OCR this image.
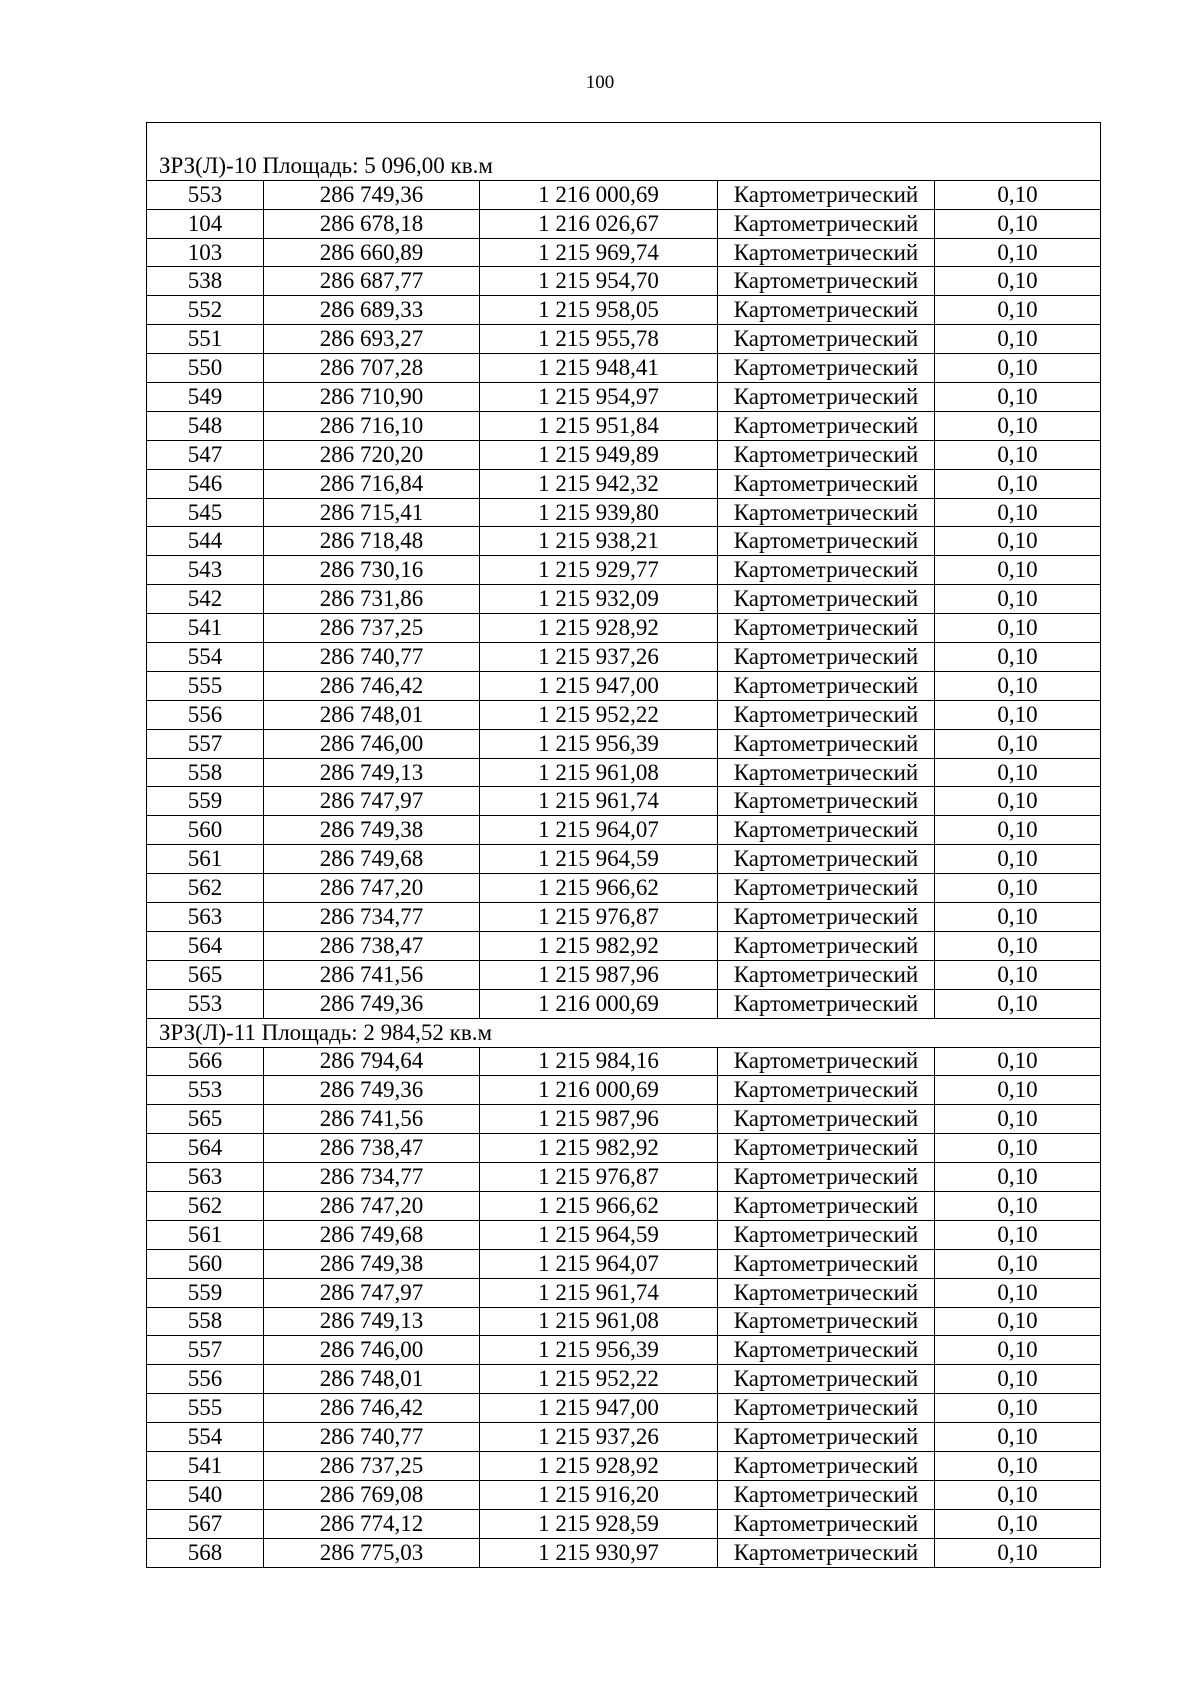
100

ЗРЗ(Л)-10 Площадь: 5 096,00 кв.м				
553	286 749,36	1 216 000,69	Картометрический	0,10
104	286 678,18	1 216 026,67	Картометрический	0,10
103	286 660,89	1 215 969,74	Картометрический	0,10
538	286 687,77	1 215 954,70	Картометрический	0,10
552	286 689,33	1 215 958,05	Картометрический	0,10
551	286 693,27	1 215 955,78	Картометрический	0,10
550	286 707,28	1 215 948,41	Картометрический	0,10
549	286 710,90	1 215 954,97	Картометрический	0,10
548	286 716,10	1 215 951,84	Картометрический	0,10
547	286 720,20	1 215 949,89	Картометрический	0,10
546	286 716,84	1 215 942,32	Картометрический	0,10
545	286 715,41	1 215 939,80	Картометрический	0,10
544	286 718,48	1 215 938,21	Картометрический	0,10
543	286 730,16	1 215 929,77	Картометрический	0,10
542	286 731,86	1 215 932,09	Картометрический	0,10
541	286 737,25	1 215 928,92	Картометрический	0,10
554	286 740,77	1 215 937,26	Картометрический	0,10
555	286 746,42	1 215 947,00	Картометрический	0,10
556	286 748,01	1 215 952,22	Картометрический	0,10
557	286 746,00	1 215 956,39	Картометрический	0,10
558	286 749,13	1 215 961,08	Картометрический	0,10
559	286 747,97	1 215 961,74	Картометрический	0,10
560	286 749,38	1 215 964,07	Картометрический	0,10
561	286 749,68	1 215 964,59	Картометрический	0,10
562	286 747,20	1 215 966,62	Картометрический	0,10
563	286 734,77	1 215 976,87	Картометрический	0,10
564	286 738,47	1 215 982,92	Картометрический	0,10
565	286 741,56	1 215 987,96	Картометрический	0,10
553	286 749,36	1 216 000,69	Картометрический	0,10
ЗРЗ(Л)-11 Площадь: 2 984,52 кв.м				
566	286 794,64	1 215 984,16	Картометрический	0,10
553	286 749,36	1 216 000,69	Картометрический	0,10
565	286 741,56	1 215 987,96	Картометрический	0,10
564	286 738,47	1 215 982,92	Картометрический	0,10
563	286 734,77	1 215 976,87	Картометрический	0,10
562	286 747,20	1 215 966,62	Картометрический	0,10
561	286 749,68	1 215 964,59	Картометрический	0,10
560	286 749,38	1 215 964,07	Картометрический	0,10
559	286 747,97	1 215 961,74	Картометрический	0,10
558	286 749,13	1 215 961,08	Картометрический	0,10
557	286 746,00	1 215 956,39	Картометрический	0,10
556	286 748,01	1 215 952,22	Картометрический	0,10
555	286 746,42	1 215 947,00	Картометрический	0,10
554	286 740,77	1 215 937,26	Картометрический	0,10
541	286 737,25	1 215 928,92	Картометрический	0,10
540	286 769,08	1 215 916,20	Картометрический	0,10
567	286 774,12	1 215 928,59	Картометрический	0,10
568	286 775,03	1 215 930,97	Картометрический	0,10
